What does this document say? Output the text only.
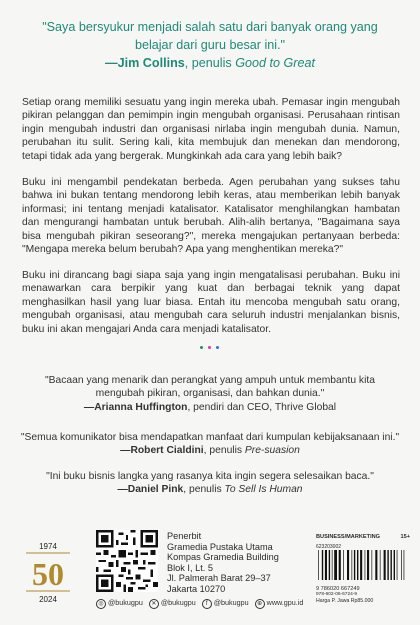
"Saya bersyukur menjadi salah satu dari banyak orang yang
belajar dari guru besar ini."
—Jim Collins, penulis Good to Great
Setiap orang memiliki sesuatu yang ingin mereka ubah. Pemasar ingin mengubah pikiran pelanggan dan pemimpin ingin mengubah organisasi. Perusahaan rintisan ingin mengubah industri dan organisasi nirlaba ingin mengubah dunia. Namun, perubahan itu sulit. Sering kali, kita membujuk dan menekan dan mendorong, tetapi tidak ada yang bergerak. Mungkinkah ada cara yang lebih baik?
Buku ini mengambil pendekatan berbeda. Agen perubahan yang sukses tahu bahwa ini bukan tentang mendorong lebih keras, atau memberikan lebih banyak informasi; ini tentang menjadi katalisator. Katalisator menghilangkan hambatan dan mengurangi hambatan untuk berubah. Alih-alih bertanya, "Bagaimana saya bisa mengubah pikiran seseorang?", mereka mengajukan pertanyaan berbeda: "Mengapa mereka belum berubah? Apa yang menghentikan mereka?"
Buku ini dirancang bagi siapa saja yang ingin mengatalisasi perubahan. Buku ini menawarkan cara berpikir yang kuat dan berbagai teknik yang dapat menghasilkan hasil yang luar biasa. Entah itu mencoba mengubah satu orang, mengubah organisasi, atau mengubah cara seluruh industri menjalankan bisnis, buku ini akan mengajari Anda cara menjadi katalisator.
"Bacaan yang menarik dan perangkat yang ampuh untuk membantu kita
mengubah pikiran, organisasi, dan bahkan dunia."
—Arianna Huffington, pendiri dan CEO, Thrive Global
"Semua komunikator bisa mendapatkan manfaat dari kumpulan kebijaksanaan ini."
—Robert Cialdini, penulis Pre-suasion
"Ini buku bisnis langka yang rasanya kita ingin segera selesaikan baca."
—Daniel Pink, penulis To Sell Is Human
1974
50
2024
Penerbit
Gramedia Pustaka Utama
Kompas Gramedia Building
Blok I, Lt. 5
Jl. Palmerah Barat 29–37
Jakarta 10270
◎ @bukugpu	✕ @bukugpu	f @bukugpu	⊕ www.gpu.id
BUSINESS/MARKETING	15+
623203002
9 786020 667249
978-602-06-6724-9
Harga P. Jawa Rp85.000
